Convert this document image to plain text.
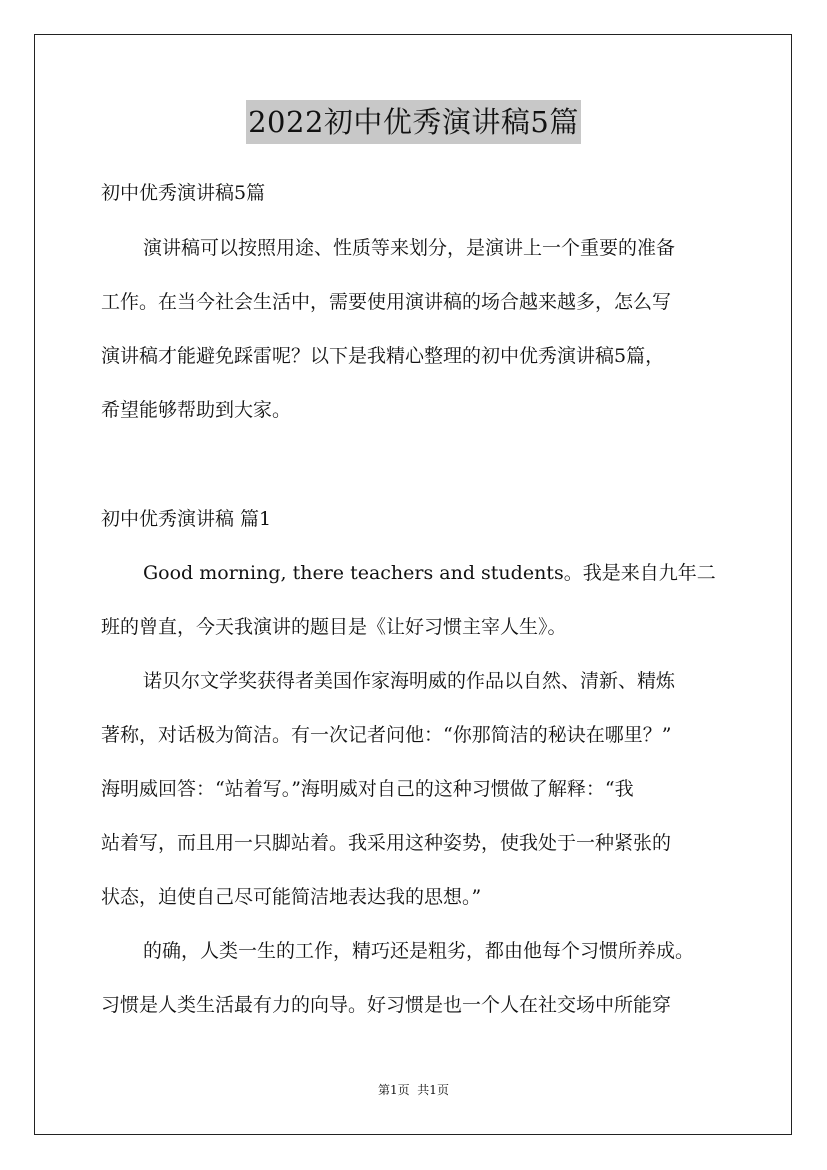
2022初中优秀演讲稿5篇

初中优秀演讲稿5篇

演讲稿可以按照用途、性质等来划分，是演讲上一个重要的准备

工作。在当今社会生活中，需要使用演讲稿的场合越来越多，怎么写

演讲稿才能避免踩雷呢？以下是我精心整理的初中优秀演讲稿5篇，

希望能够帮助到大家。

初中优秀演讲稿 篇1

Good morning, there teachers and students。我是来自九年二

班的曾直，今天我演讲的题目是《让好习惯主宰人生》。

诺贝尔文学奖获得者美国作家海明威的作品以自然、清新、精炼

著称，对话极为简洁。有一次记者问他：“你那简洁的秘诀在哪里？”

海明威回答：“站着写。”海明威对自己的这种习惯做了解释：“我

站着写，而且用一只脚站着。我采用这种姿势，使我处于一种紧张的

状态，迫使自己尽可能简洁地表达我的思想。”

的确，人类一生的工作，精巧还是粗劣，都由他每个习惯所养成。

习惯是人类生活最有力的向导。好习惯是也一个人在社交场中所能穿

第1页  共1页
